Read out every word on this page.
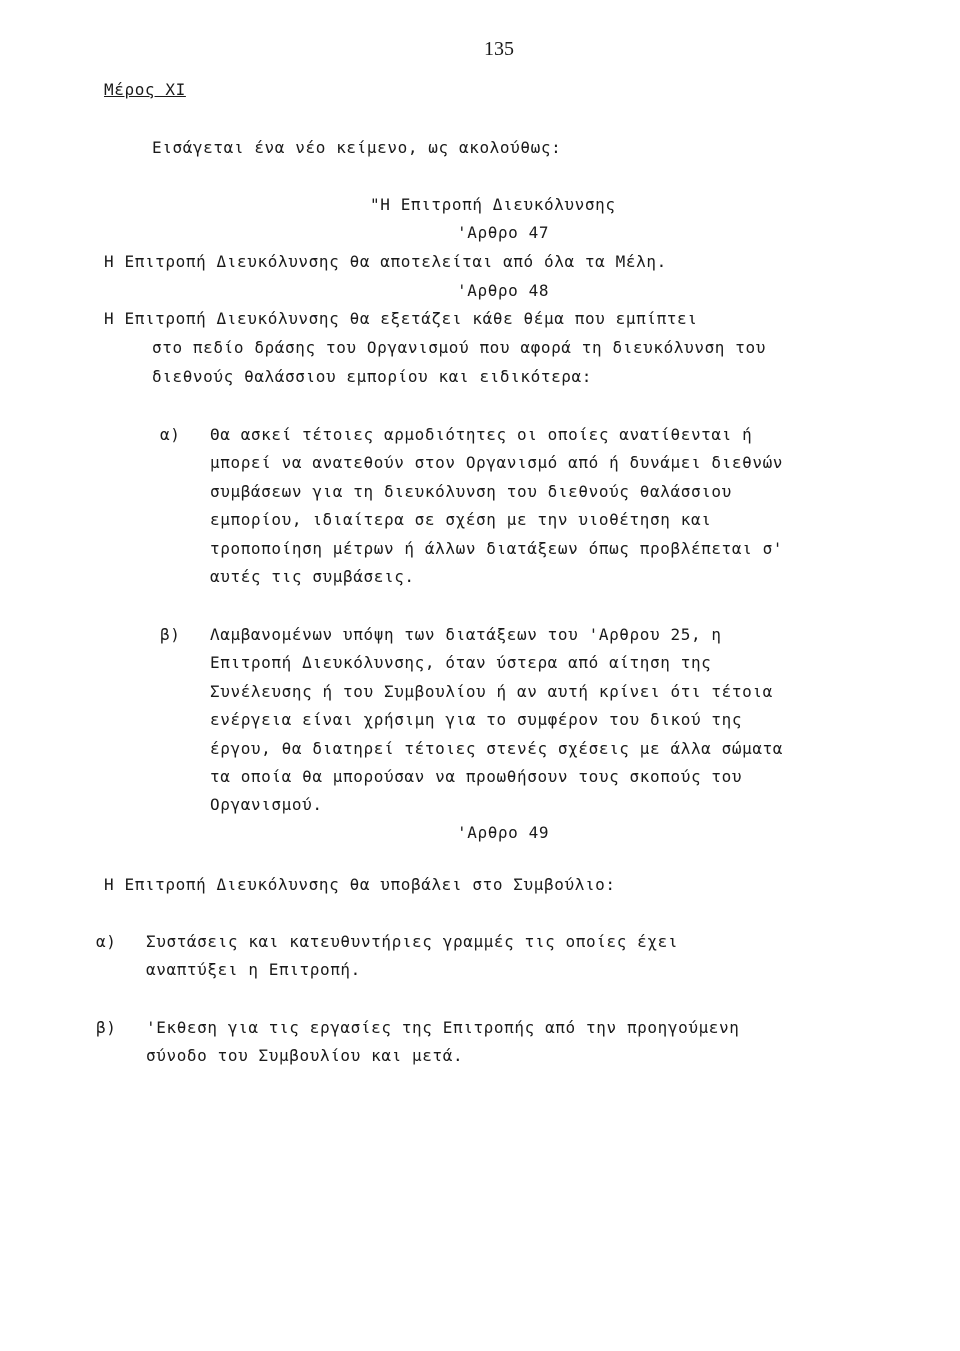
135
Μέρος XI
Εισάγεται ένα νέο κείμενο, ως ακολούθως:
"Η Επιτροπή Διευκόλυνσης
'Αρθρο 47
Η Επιτροπή Διευκόλυνσης θα αποτελείται από όλα τα Μέλη.
'Αρθρο 48
Η Επιτροπή Διευκόλυνσης θα εξετάζει κάθε θέμα που εμπίπτει
στο πεδίο δράσης του Οργανισμού που αφορά τη διευκόλυνση του
διεθνούς θαλάσσιου εμπορίου και ειδικότερα:
α) Θα ασκεί τέτοιες αρμοδιότητες οι οποίες ανατίθενται ή
μπορεί να ανατεθούν στον Οργανισμό από ή δυνάμει διεθνών
συμβάσεων για τη διευκόλυνση του διεθνούς θαλάσσιου
εμπορίου, ιδιαίτερα σε σχέση με την υιοθέτηση και
τροποποίηση μέτρων ή άλλων διατάξεων όπως προβλέπεται σ'
αυτές τις συμβάσεις.
β) Λαμβανομένων υπόψη των διατάξεων του 'Αρθρου 25, η
Επιτροπή Διευκόλυνσης, όταν ύστερα από αίτηση της
Συνέλευσης ή του Συμβουλίου ή αν αυτή κρίνει ότι τέτοια
ενέργεια είναι χρήσιμη για το συμφέρον του δικού της
έργου, θα διατηρεί τέτοιες στενές σχέσεις με άλλα σώματα
τα οποία θα μπορούσαν να προωθήσουν τους σκοπούς του
Οργανισμού.
'Αρθρο 49
Η Επιτροπή Διευκόλυνσης θα υποβάλει στο Συμβούλιο:
α) Συστάσεις και κατευθυντήριες γραμμές τις οποίες έχει
αναπτύξει η Επιτροπή.
β) 'Εκθεση για τις εργασίες της Επιτροπής από την προηγούμενη
σύνοδο του Συμβουλίου και μετά.
